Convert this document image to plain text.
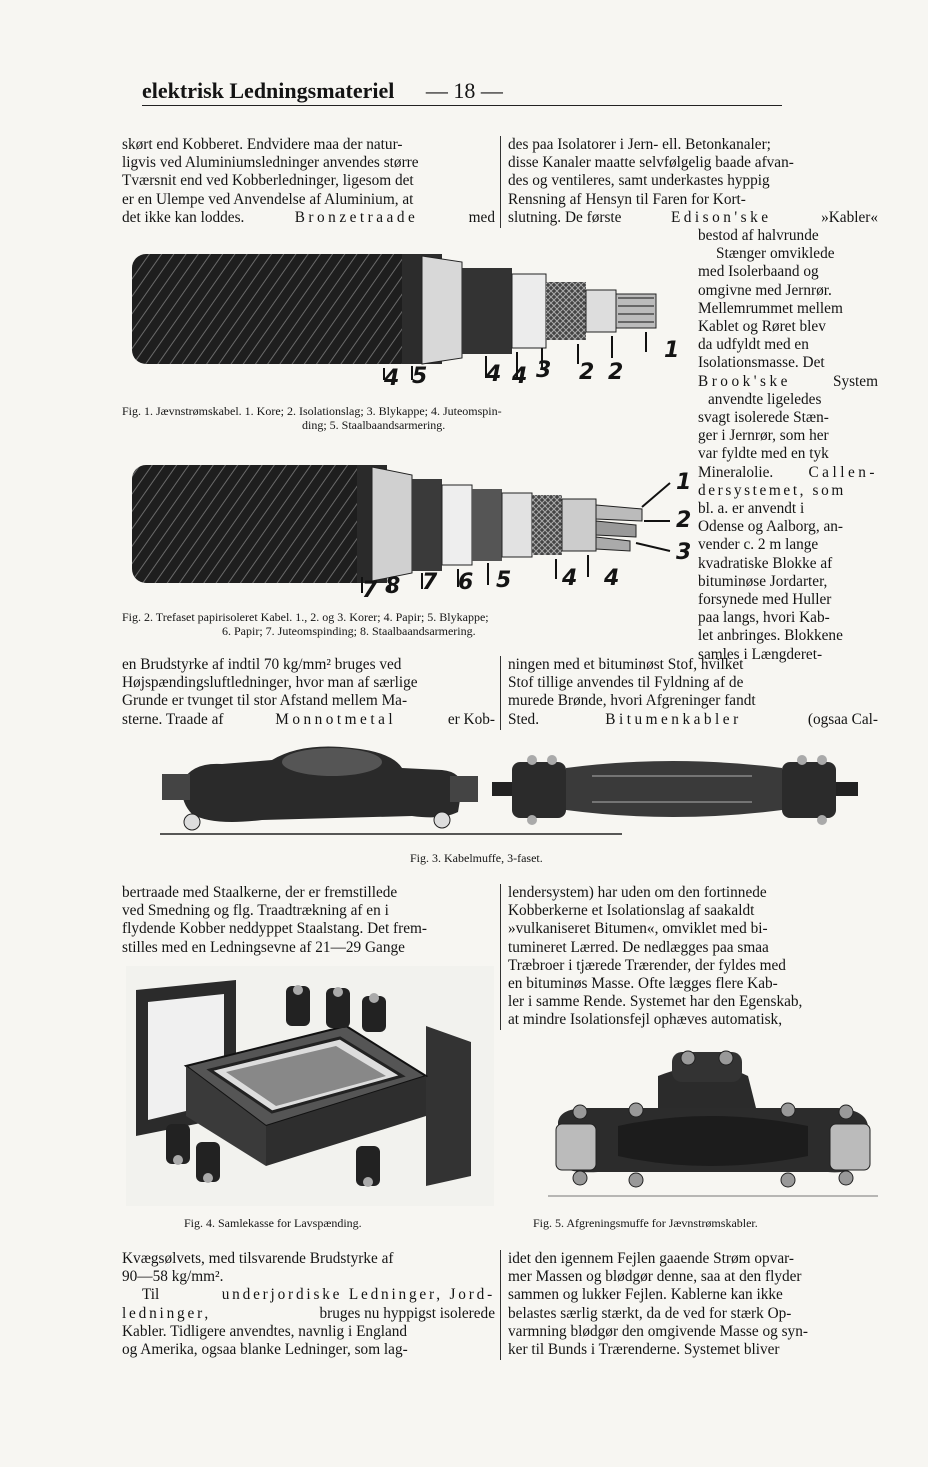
elektrisk Ledningsmateriel — 18 —

skørt end Kobberet. Endvidere maa der natur-

ligvis ved Aluminiumsledninger anvendes større

Tværsnit end ved Kobberledninger, ligesom det

er en Ulempe ved Anvendelse af Aluminium, at

det ikke kan loddes.	Bronzetraade	med

des paa Isolatorer i Jern- ell. Betonkanaler;

disse Kanaler maatte selvfølgelig baade afvan-

des og ventileres, samt underkastes hyppig

Rensning af Hensyn til Faren for Kort-

slutning. De første	Edison'ske	»Kabler«

bestod af halvrunde

Stænger omviklede

med Isolerbaand og

omgivne med Jernrør.

Mellemrummet mellem

Kablet og Røret blev

da udfyldt med en

Isolationsmasse. Det

Brook'ske	System

anvendte ligeledes

svagt isolerede Stæn-

ger i Jernrør, som her

var fyldte med en tyk

Mineralolie. Callen-

dersystemet, som

bl. a. er anvendt i

Odense og Aalborg, an-

vender c. 2 m lange

kvadratiske Blokke af

bituminøse Jordarter,

forsynede med Huller

paa langs, hvori Kab-

let anbringes. Blokkene

samles i Længderet-

4 5	4 4 3 2 2
1
Fig. 1. Jævnstrømskabel. 1. Kore; 2. Isolationslag; 3. Blykappe; 4. Juteomspin-
ding; 5. Staalbaandsarmering.
1
2
3
7 8 7 6 5 4 4
Fig. 2. Trefaset papirisoleret Kabel. 1., 2. og 3. Korer; 4. Papir; 5. Blykappe;
6. Papir; 7. Juteomspinding; 8. Staalbaandsarmering.

en Brudstyrke af indtil 70 kg/mm² bruges ved

Højspændingsluftledninger, hvor man af særlige

Grunde er tvunget til stor Afstand mellem Ma-

sterne. Traade af	Monnotmetal	er Kob-

ningen med et bituminøst Stof, hvilket

Stof tillige anvendes til Fyldning af de

murede Brønde, hvori Afgreninger fandt

Sted.	Bitumenkabler	(ogsaa Cal-

Fig. 3. Kabelmuffe, 3-faset.

bertraade med Staalkerne, der er fremstillede

ved Smedning og flg. Traadtrækning af en i

flydende Kobber neddyppet Staalstang. Det frem-

stilles med en Ledningsevne af 21—29 Gange

lendersystem) har uden om den fortinnede

Kobberkerne et Isolationslag af saakaldt

»vulkaniseret Bitumen«, omviklet med bi-

tumineret Lærred. De nedlægges paa smaa

Træbroer i tjærede Trærender, der fyldes med

en bituminøs Masse. Ofte lægges flere Kab-

ler i samme Rende. Systemet har den Egenskab,

at mindre Isolationsfejl ophæves automatisk,

Fig. 4. Samlekasse for Lavspænding.	Fig. 5. Afgreningsmuffe for Jævnstrømskabler.

Kvægsølvets, med tilsvarende Brudstyrke af

90—58 kg/mm².

Til	underjordiske Ledninger, Jord-

ledninger,	bruges nu hyppigst isolerede

Kabler. Tidligere anvendtes, navnlig i England

og Amerika, ogsaa blanke Ledninger, som lag-

idet den igennem Fejlen gaaende Strøm opvar-

mer Massen og blødgør denne, saa at den flyder

sammen og lukker Fejlen. Kablerne kan ikke

belastes særlig stærkt, da de ved for stærk Op-

varmning blødgør den omgivende Masse og syn-

ker til Bunds i Trærenderne. Systemet bliver
